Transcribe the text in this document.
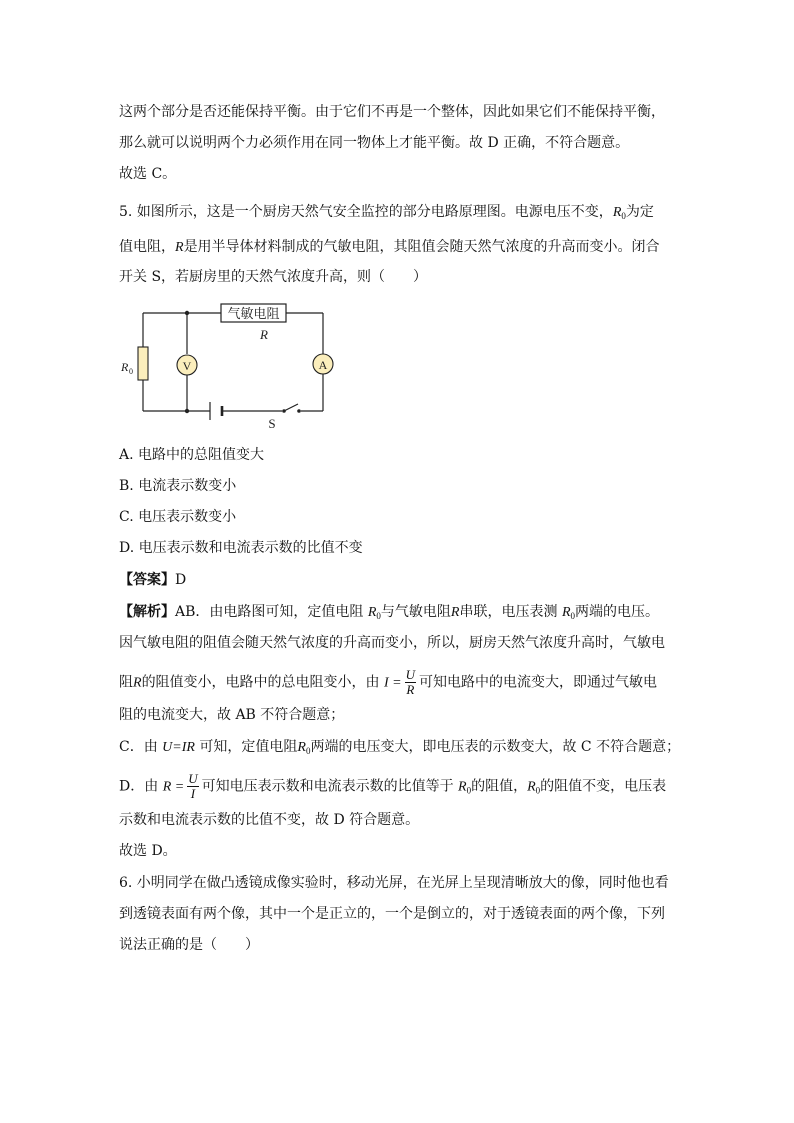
这两个部分是否还能保持平衡。由于它们不再是一个整体，因此如果它们不能保持平衡，
那么就可以说明两个力必须作用在同一物体上才能平衡。故 D 正确，不符合题意。
故选 C。
5. 如图所示，这是一个厨房天然气安全监控的部分电路原理图。电源电压不变，$R_0$为定
值电阻，R是用半导体材料制成的气敏电阻，其阻值会随天然气浓度的升高而变小。闭合
开关 S，若厨房里的天然气浓度升高，则（　　）
气敏电阻
R
R 0	V	A
S
A. 电路中的总阻值变大
B. 电流表示数变小
C. 电压表示数变小
D. 电压表示数和电流表示数的比值不变
【答案】D
【解析】AB．由电路图可知，定值电阻 $R_0$与气敏电阻R串联，电压表测 $R_0$两端的电压。
因气敏电阻的阻值会随天然气浓度的升高而变小，所以，厨房天然气浓度升高时，气敏电
阻R的阻值变小，电路中的总电阻变小，由 $I = \frac{U}{R}$ 可知电路中的电流变大，即通过气敏电
阻的电流变大，故 AB 不符合题意；
C．由 U=IR 可知，定值电阻$R_0$两端的电压变大，即电压表的示数变大，故 C 不符合题意；
D．由 $R = \frac{U}{I}$ 可知电压表示数和电流表示数的比值等于 $R_0$的阻值，$R_0$的阻值不变，电压表
示数和电流表示数的比值不变，故 D 符合题意。
故选 D。
6. 小明同学在做凸透镜成像实验时，移动光屏，在光屏上呈现清晰放大的像，同时他也看
到透镜表面有两个像，其中一个是正立的，一个是倒立的，对于透镜表面的两个像，下列
说法正确的是（　　）
